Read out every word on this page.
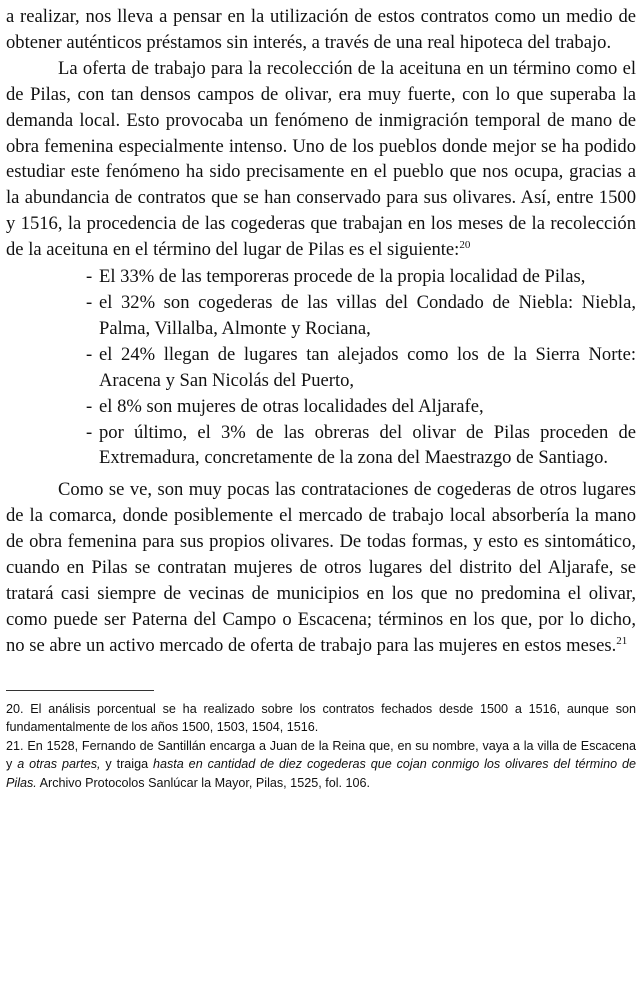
a realizar, nos lleva a pensar en la utilización de estos contratos como un medio de obtener auténticos préstamos sin interés, a través de una real hipoteca del trabajo.

La oferta de trabajo para la recolección de la aceituna en un término como el de Pilas, con tan densos campos de olivar, era muy fuerte, con lo que superaba la demanda local. Esto provocaba un fenómeno de inmigración temporal de mano de obra femenina especialmente intenso. Uno de los pueblos donde mejor se ha podido estudiar este fenómeno ha sido precisamente en el pueblo que nos ocupa, gracias a la abundancia de contratos que se han conservado para sus olivares. Así, entre 1500 y 1516, la procedencia de las cogederas que trabajan en los meses de la recolección de la aceituna en el término del lugar de Pilas es el siguiente:$^{20}$

- El 33% de las temporeras procede de la propia localidad de Pilas,
- el 32% son cogederas de las villas del Condado de Niebla: Niebla, Palma, Villalba, Almonte y Rociana,
- el 24% llegan de lugares tan alejados como los de la Sierra Norte: Aracena y San Nicolás del Puerto,
- el 8% son mujeres de otras localidades del Aljarafe,
- por último, el 3% de las obreras del olivar de Pilas proceden de Extremadura, concretamente de la zona del Maestrazgo de Santiago.

Como se ve, son muy pocas las contrataciones de cogederas de otros lugares de la comarca, donde posiblemente el mercado de trabajo local absorbería la mano de obra femenina para sus propios olivares. De todas formas, y esto es sintomático, cuando en Pilas se contratan mujeres de otros lugares del distrito del Aljarafe, se tratará casi siempre de vecinas de municipios en los que no predomina el olivar, como puede ser Paterna del Campo o Escacena; términos en los que, por lo dicho, no se abre un activo mercado de oferta de trabajo para las mujeres en estos meses.$^{21}$

20. El análisis porcentual se ha realizado sobre los contratos fechados desde 1500 a 1516, aunque son fundamentalmente de los años 1500, 1503, 1504, 1516.

21. En 1528, Fernando de Santillán encarga a Juan de la Reina que, en su nombre, vaya a la villa de Escacena y a otras partes, y traiga hasta en cantidad de diez cogederas que cojan conmigo los olivares del término de Pilas. Archivo Protocolos Sanlúcar la Mayor, Pilas, 1525, fol. 106.
